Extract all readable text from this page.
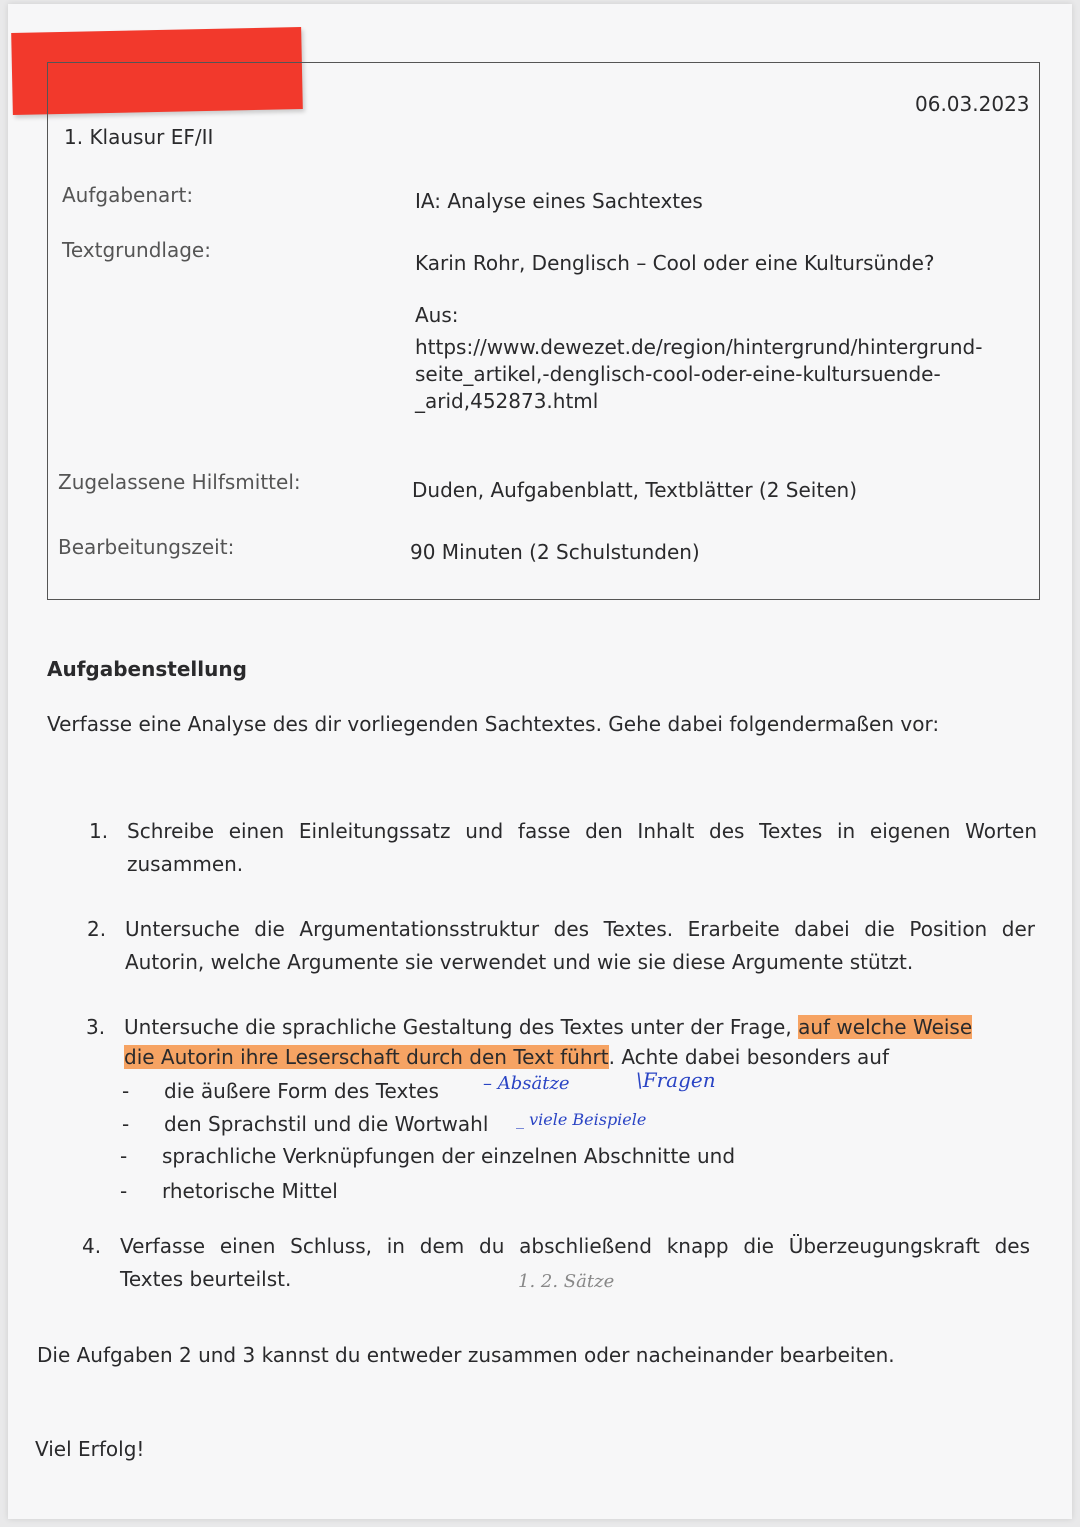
06.03.2023
1. Klausur EF/II
Aufgabenart:	IA: Analyse eines Sachtextes
Textgrundlage:
Karin Rohr, Denglisch – Cool oder eine Kultursünde?
Aus:
https://www.dewezet.de/region/hintergrund/hintergrund-
seite_artikel,-denglisch-cool-oder-eine-kultursuende-
_arid,452873.html
Zugelassene Hilfsmittel:	Duden, Aufgabenblatt, Textblätter (2 Seiten)
Bearbeitungszeit:	90 Minuten (2 Schulstunden)
Aufgabenstellung
Verfasse eine Analyse des dir vorliegenden Sachtextes. Gehe dabei folgendermaßen vor:
1. Schreibe einen Einleitungssatz und fasse den Inhalt des Textes in eigenen Worten
zusammen.
2. Untersuche die Argumentationsstruktur des Textes. Erarbeite dabei die Position der
Autorin, welche Argumente sie verwendet und wie sie diese Argumente stützt.
3. Untersuche die sprachliche Gestaltung des Textes unter der Frage, auf welche Weise
die Autorin ihre Leserschaft durch den Text führt. Achte dabei besonders auf
- die äußere Form des Textes
- den Sprachstil und die Wortwahl
- sprachliche Verknüpfungen der einzelnen Abschnitte und
- rhetorische Mittel
– Absätze	\Fragen
_ viele Beispiele
4. Verfasse einen Schluss, in dem du abschließend knapp die Überzeugungskraft des
Textes beurteilst.	1. 2. Sätze
Die Aufgaben 2 und 3 kannst du entweder zusammen oder nacheinander bearbeiten.
Viel Erfolg!
